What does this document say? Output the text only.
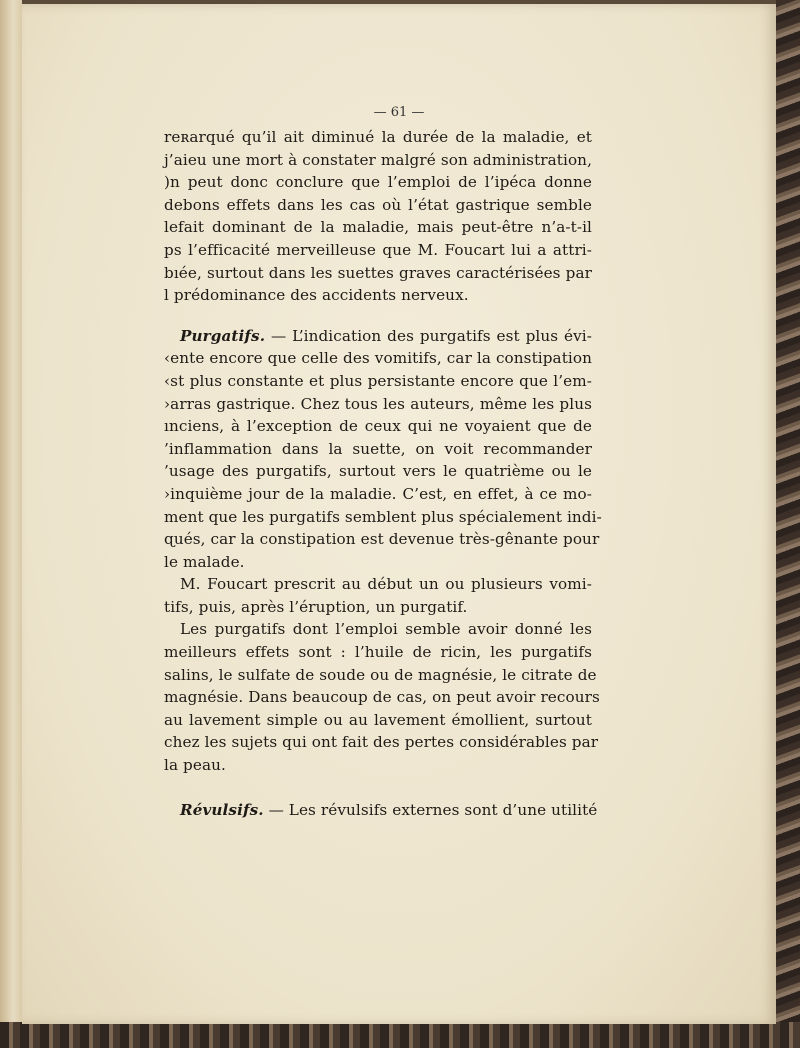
— 61 —
reʀarqué qu’il ait diminué la durée de la maladie, et
j’aieu une mort à constater malgré son administration,
)n peut donc conclure que l’emploi de l’ipéca donne
debons effets dans les cas où l’état gastrique semble
lefait dominant de la maladie, mais peut-être n’a-t-il
ps l’efficacité merveilleuse que M. Foucart lui a attri-
bıée, surtout dans les suettes graves caractérisées par
l prédominance des accidents nerveux.
Purgatifs. — L’indication des purgatifs est plus évi-
‹ente encore que celle des vomitifs, car la constipation
‹st plus constante et plus persistante encore que l’em-
›arras gastrique. Chez tous les auteurs, même les plus
ınciens, à l’exception de ceux qui ne voyaient que de
’inflammation dans la suette, on voit recommander
’usage des purgatifs, surtout vers le quatrième ou le
›inquième jour de la maladie. C’est, en effet, à ce mo-
ment que les purgatifs semblent plus spécialement indi-
ɋués, car la constipation est devenue très-gênante pour
le malade.
M. Foucart prescrit au début un ou plusieurs vomi-
tifs, puis, après l’éruption, un purgatif.
Les purgatifs dont l’emploi semble avoir donné les
meilleurs effets sont : l’huile de ricin, les purgatifs
salins, le sulfate de soude ou de magnésie, le citrate de
magnésie. Dans beaucoup de cas, on peut avoir recours
au lavement simple ou au lavement émollient, surtout
chez les sujets qui ont fait des pertes considérables par
la peau.
Révulsifs. — Les révulsifs externes sont d’une utilité
